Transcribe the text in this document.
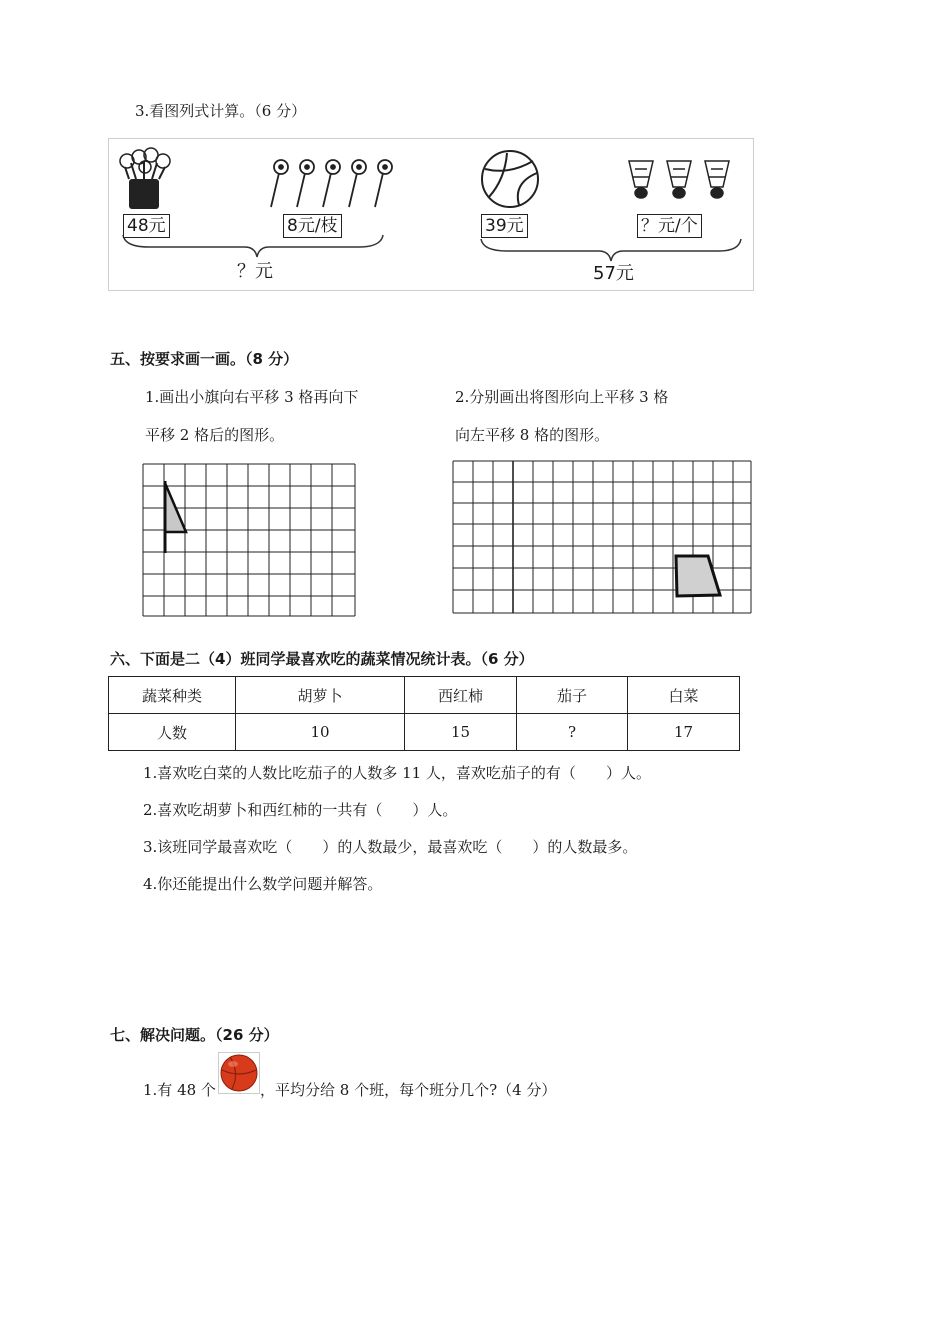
3.看图列式计算。（6 分）
48元	8元/枝
？元
39元	？元/个
57元
五、按要求画一画。（8 分）
1.画出小旗向右平移 3 格再向下
平移 2 格后的图形。
2.分别画出将图形向上平移 3 格
向左平移 8 格的图形。
六、下面是二（4）班同学最喜欢吃的蔬菜情况统计表。（6 分）
蔬菜种类	胡萝卜	西红柿	茄子	白菜
人数	10	15	?	17
1.喜欢吃白菜的人数比吃茄子的人数多 11 人，喜欢吃茄子的有（　　）人。
2.喜欢吃胡萝卜和西红柿的一共有（　　）人。
3.该班同学最喜欢吃（　　）的人数最少，最喜欢吃（　　）的人数最多。
4.你还能提出什么数学问题并解答。
七、解决问题。（26 分）
1.有 48 个	，平均分给 8 个班，每个班分几个?（4 分）
